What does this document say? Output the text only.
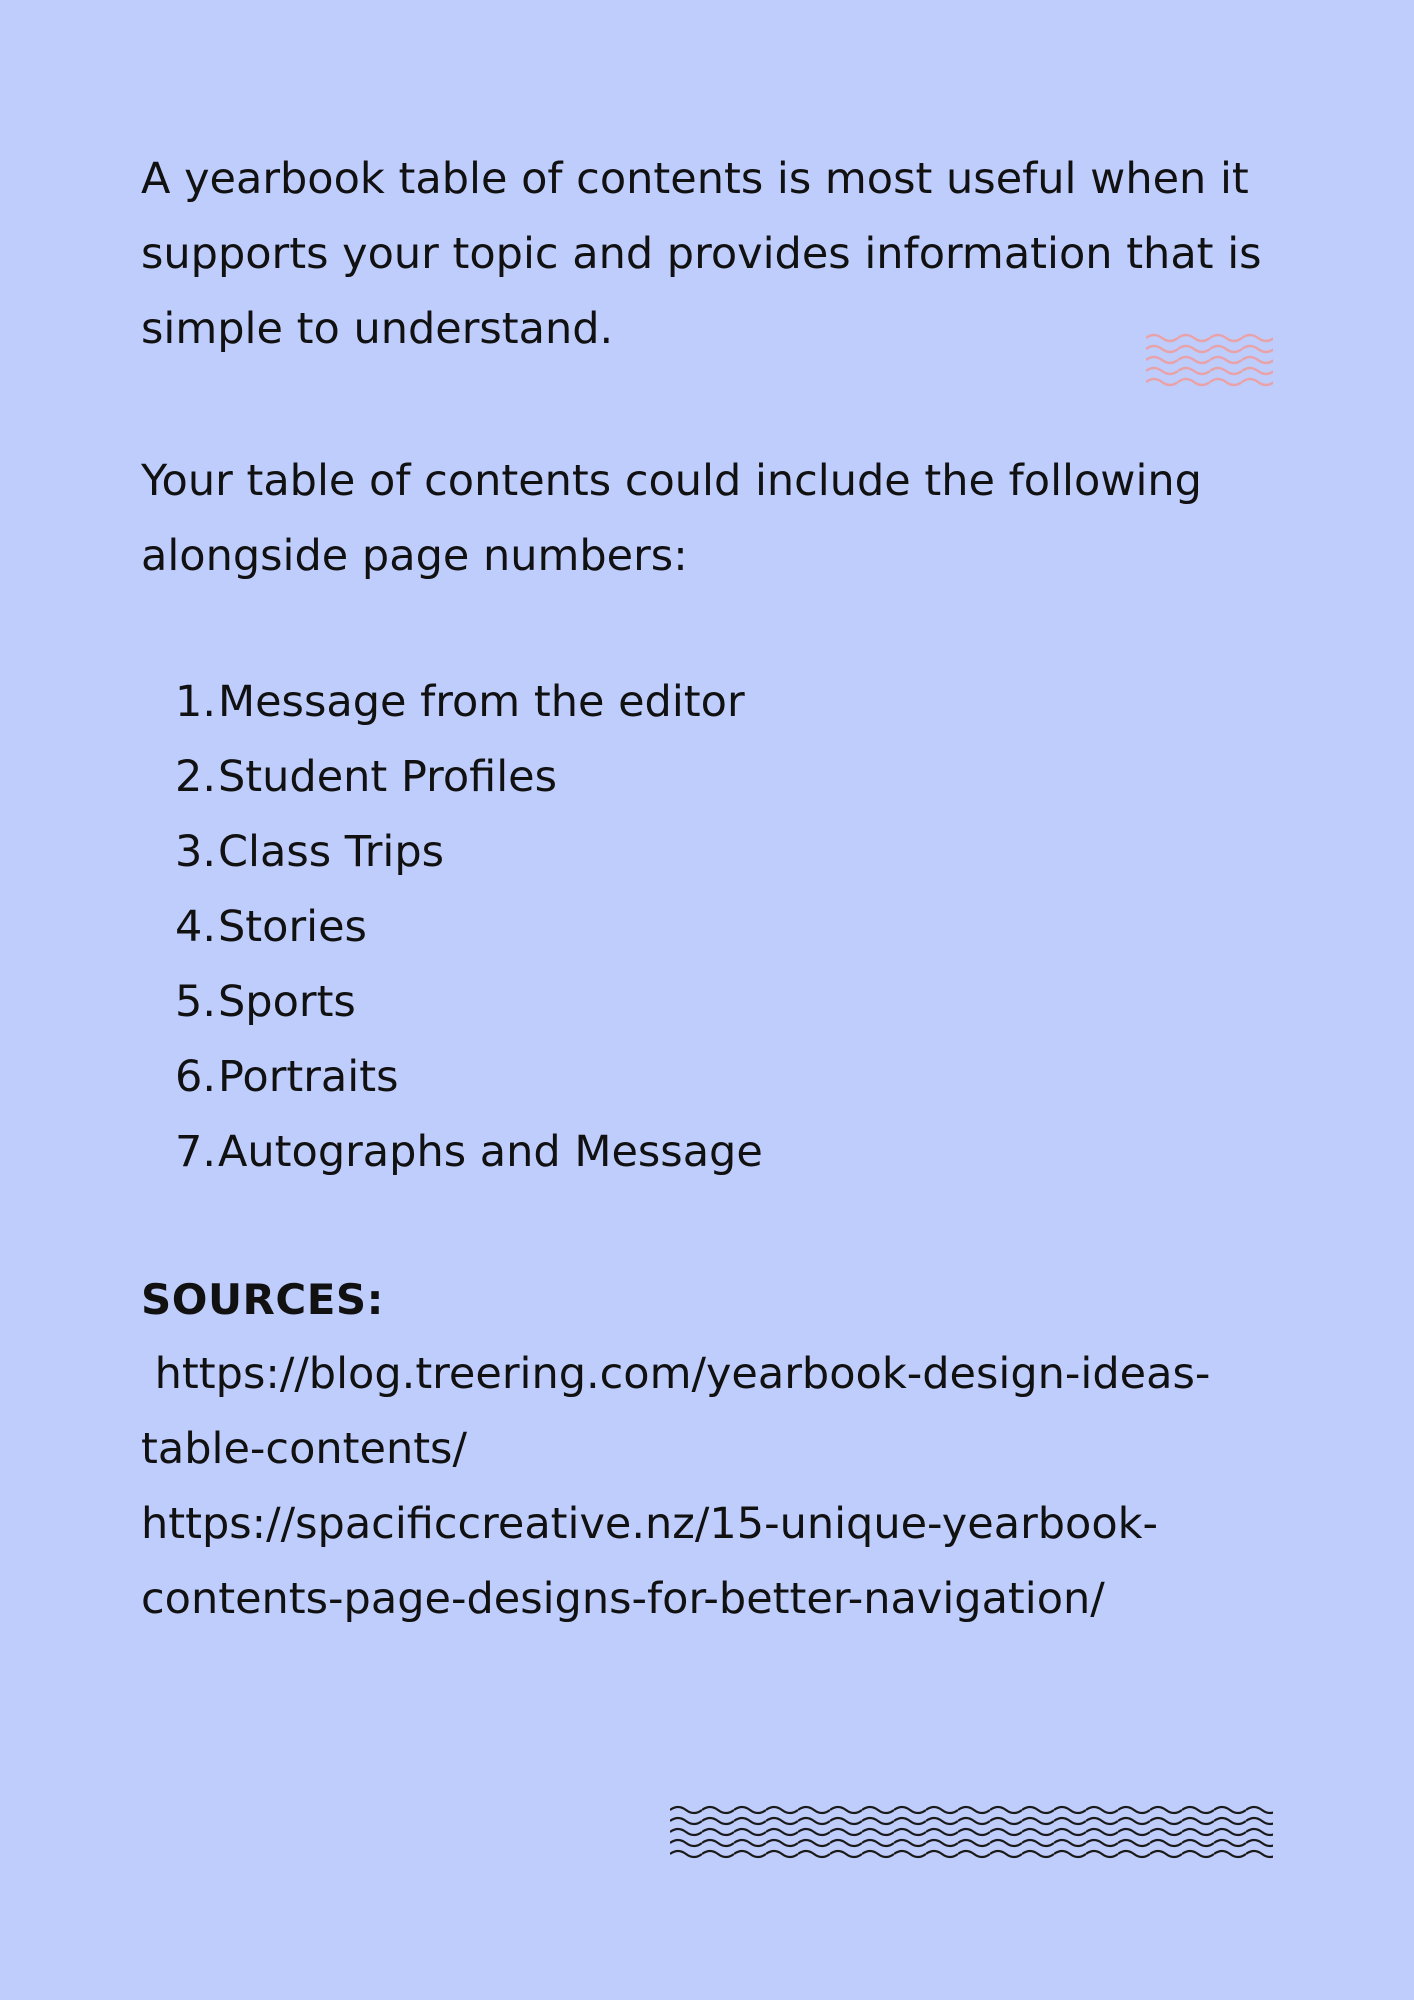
A yearbook table of contents is most useful when it supports your topic and provides information that is simple to understand.

Your table of contents could include the following alongside page numbers:

1. Message from the editor
2. Student Profiles
3. Class Trips
4. Stories
5. Sports
6. Portraits
7. Autographs and Message
SOURCES:
https://blog.treering.com/yearbook-design-ideas-table-contents/
https://spacificcreative.nz/15-unique-yearbook-contents-page-designs-for-better-navigation/
